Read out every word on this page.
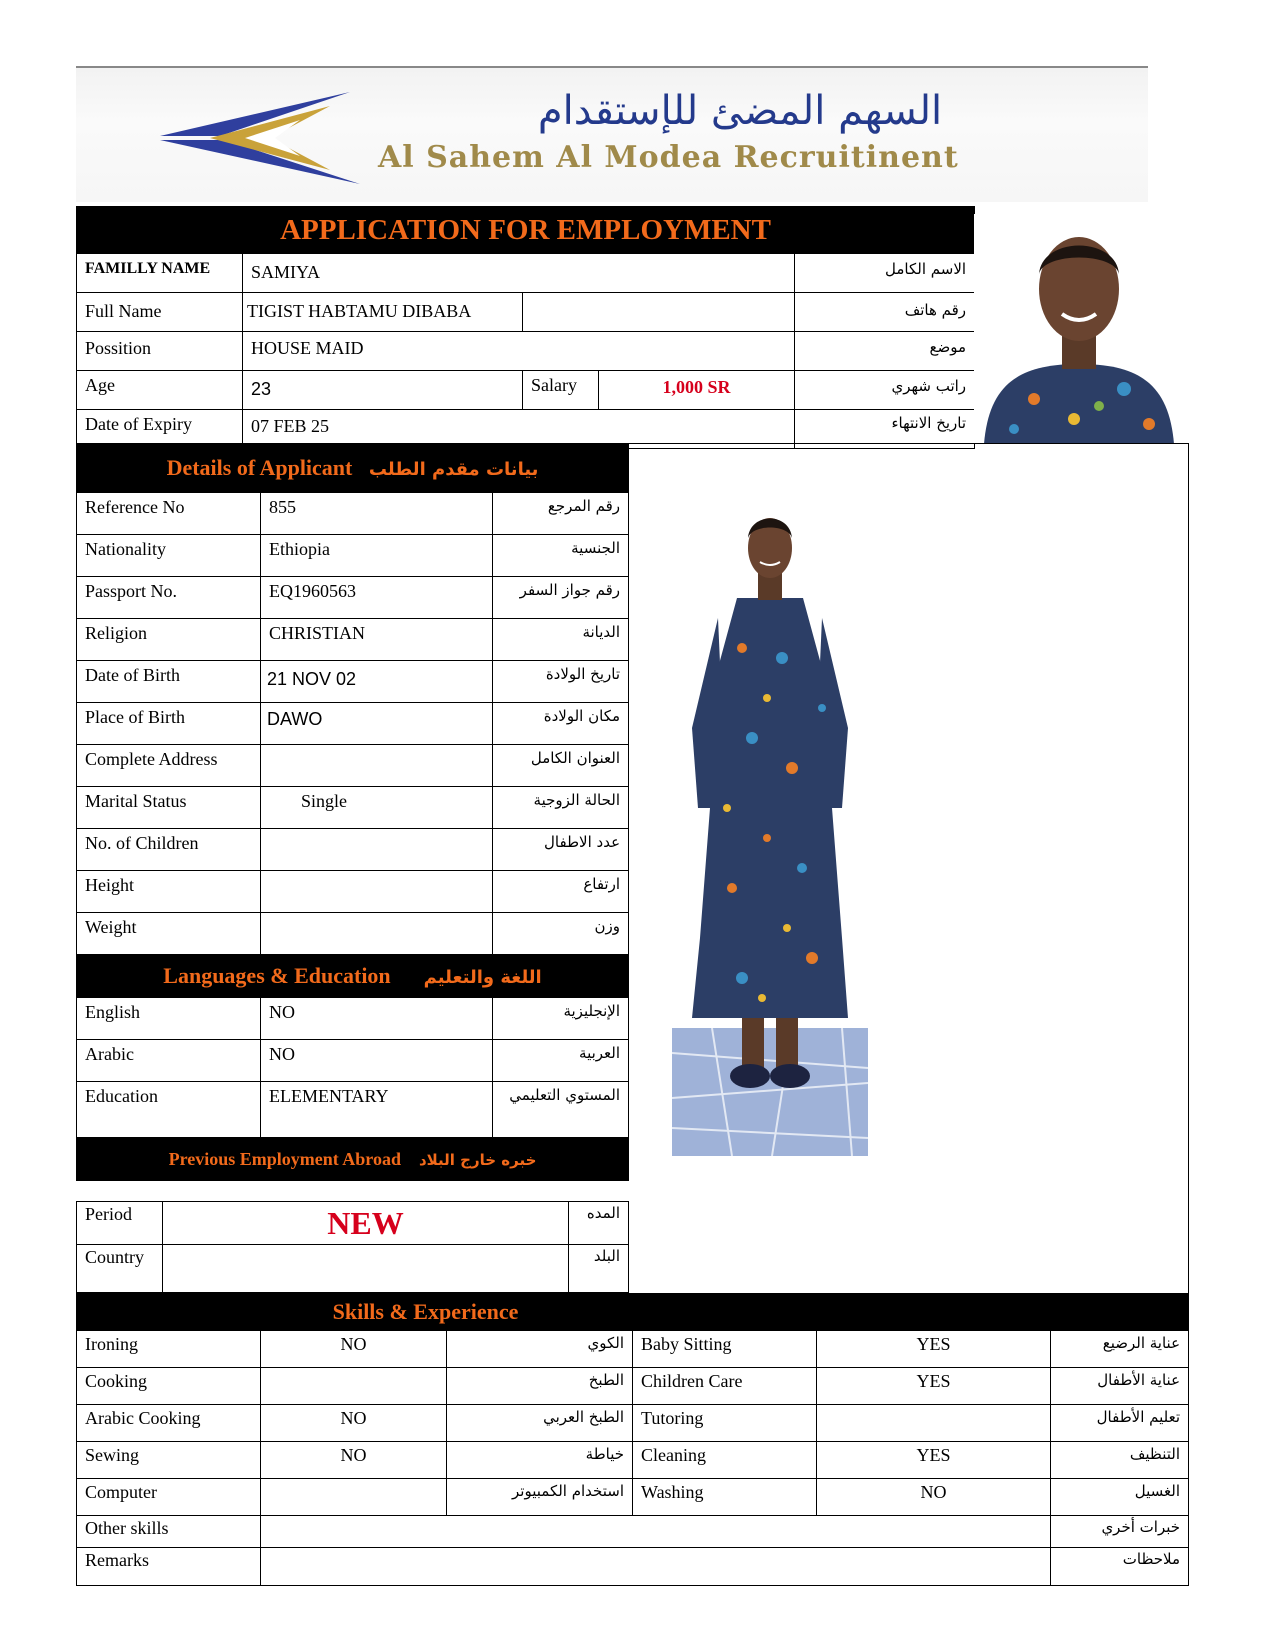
السهم المضئ للإستقدام
Al Sahem Al Modea Recruitinent
APPLICATION FOR EMPLOYMENT				
FAMILLY NAME	SAMIYA			الاسم الكامل
Full Name	TIGIST HABTAMU DIBABA			رقم هاتف
Possition	HOUSE MAID			موضع
Age	23	Salary	1,000 SR	راتب شهري
Date of Expiry	07 FEB 25			تاريخ الانتهاء
Details of Applicant بيانات مقدم الطلب		
Reference No	855	رقم المرجع
Nationality	Ethiopia	الجنسية
Passport No.	EQ1960563	رقم جواز السفر
Religion	CHRISTIAN	الديانة
Date of Birth	21 NOV 02	تاريخ الولادة
Place of Birth	DAWO	مكان الولادة
Complete Address		العنوان الكامل
Marital Status	Single	الحالة الزوجية
No. of Children		عدد الاطفال
Height		ارتفاع
Weight		وزن
Languages & Education اللغة والتعليم		
English	NO	الإنجليزية
Arabic	NO	العربية
Education	ELEMENTARY	المستوي التعليمي
Previous Employment Abroad خبره خارج البلاد		
Period	NEW	المده
Country		البلد
Skills & Experience	
Ironing	NO	الكوي	Baby Sitting	YES	عناية الرضيع
Cooking		الطبخ	Children Care	YES	عناية الأطفال
Arabic Cooking	NO	الطبخ العربي	Tutoring		تعليم الأطفال
Sewing	NO	خياطة	Cleaning	YES	التنظيف
Computer		استخدام الكمبيوتر	Washing	NO	الغسيل
Other skills					خبرات أخري
Remarks					ملاحظات
